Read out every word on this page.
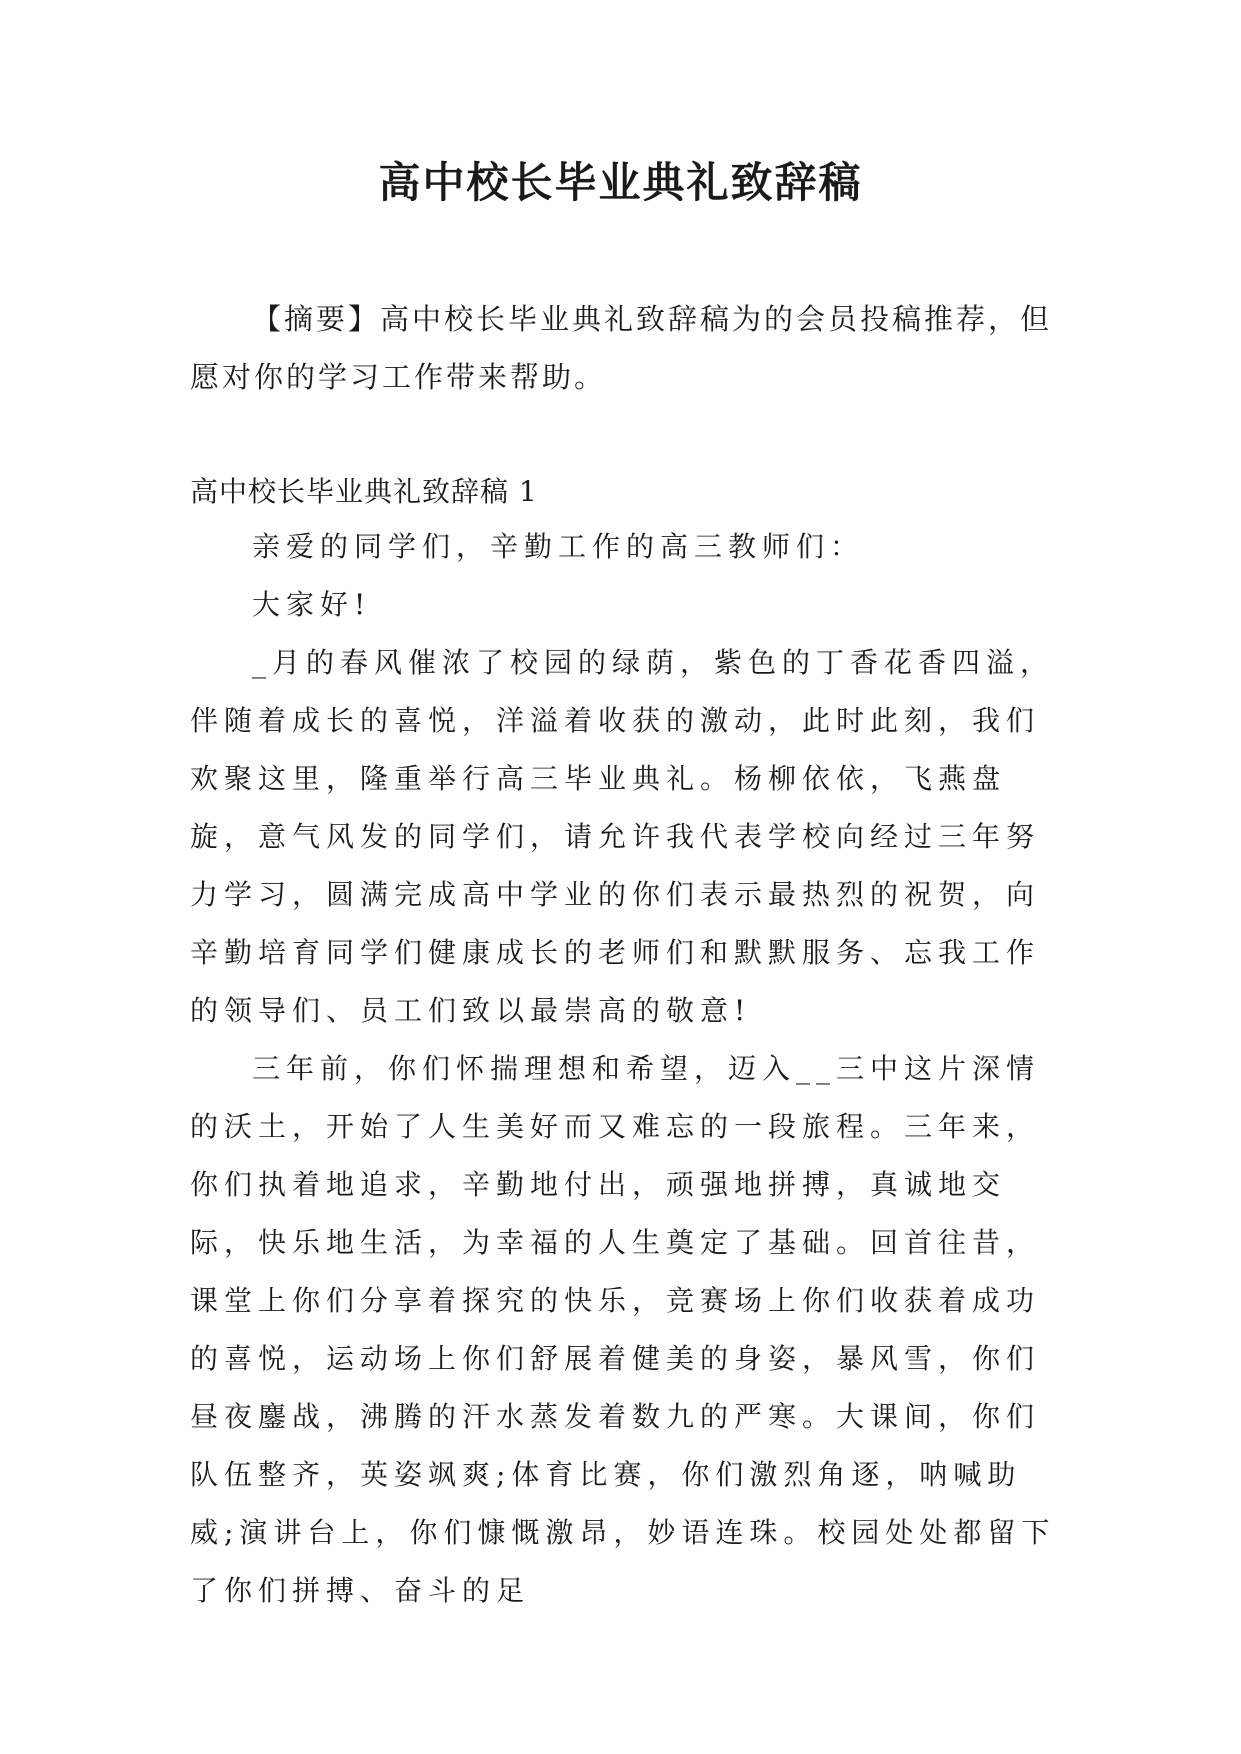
高中校长毕业典礼致辞稿

【摘要】高中校长毕业典礼致辞稿为的会员投稿推荐，但愿对你的学习工作带来帮助。

高中校长毕业典礼致辞稿 1

亲爱的同学们，辛勤工作的高三教师们：

大家好!

_月的春风催浓了校园的绿荫，紫色的丁香花香四溢，伴随着成长的喜悦，洋溢着收获的激动，此时此刻，我们欢聚这里，隆重举行高三毕业典礼。杨柳依依，飞燕盘旋，意气风发的同学们，请允许我代表学校向经过三年努力学习，圆满完成高中学业的你们表示最热烈的祝贺，向辛勤培育同学们健康成长的老师们和默默服务、忘我工作的领导们、员工们致以最崇高的敬意!

三年前，你们怀揣理想和希望，迈入__三中这片深情的沃土，开始了人生美好而又难忘的一段旅程。三年来，你们执着地追求，辛勤地付出，顽强地拼搏，真诚地交际，快乐地生活，为幸福的人生奠定了基础。回首往昔，课堂上你们分享着探究的快乐，竞赛场上你们收获着成功的喜悦，运动场上你们舒展着健美的身姿，暴风雪，你们昼夜鏖战，沸腾的汗水蒸发着数九的严寒。大课间，你们队伍整齐，英姿飒爽;体育比赛，你们激烈角逐，呐喊助威;演讲台上，你们慷慨激昂，妙语连珠。校园处处都留下了你们拼搏、奋斗的足
